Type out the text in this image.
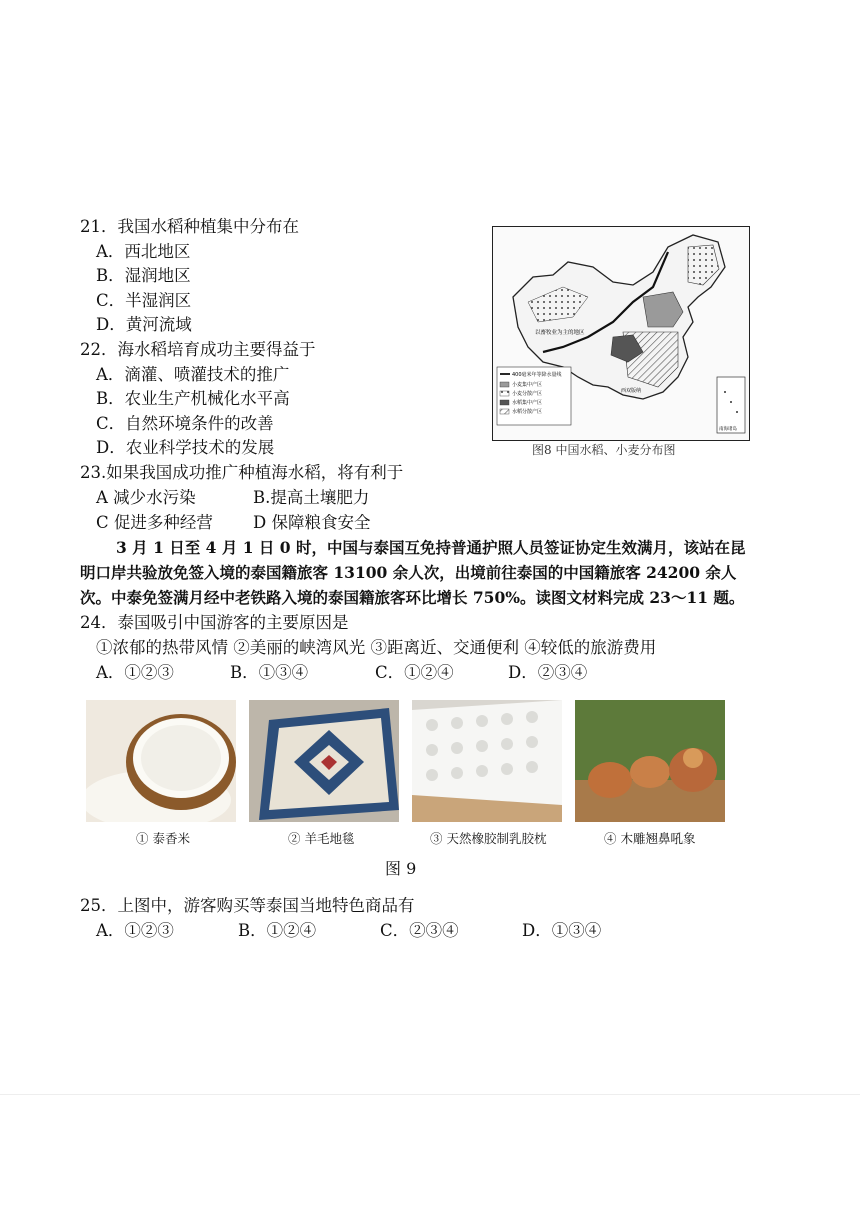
21．我国水稻种植集中分布在
A．西北地区
B．湿润地区
C．半湿润区
D．黄河流域
22．海水稻培育成功主要得益于
A．滴灌、喷灌技术的推广
B．农业生产机械化水平高
C．自然环境条件的改善
D．农业科学技术的发展
23.如果我国成功推广种植海水稻，将有利于
A 减少水污染	B.提高土壤肥力
C 促进多种经营 D 保障粮食安全
3 月 1 日至 4 月 1 日 0 时，中国与泰国互免持普通护照人员签证协定生效满月，该站在昆
明口岸共验放免签入境的泰国籍旅客 13100 余人次，出境前往泰国的中国籍旅客 24200 余人
次。中泰免签满月经中老铁路入境的泰国籍旅客环比增长 750%。读图文材料完成 23～11 题。
24．泰国吸引中国游客的主要原因是
①浓郁的热带风情 ②美丽的峡湾风光 ③距离近、交通便利 ④较低的旅游费用
A．①②③	B．①③④	C．①②④	D．②③④
400毫米年等降水量线
小麦集中产区
小麦分散产区
水稻集中产区
水稻分散产区
以畜牧业为主的地区
西双版纳
南海诸岛
图8 中国水稻、小麦分布图
① 泰香米	② 羊毛地毯	③ 天然橡胶制乳胶枕	④ 木雕翘鼻吼象
图 9
25．上图中，游客购买等泰国当地特色商品有
A．①②③	B．①②④	C．②③④	D．①③④
